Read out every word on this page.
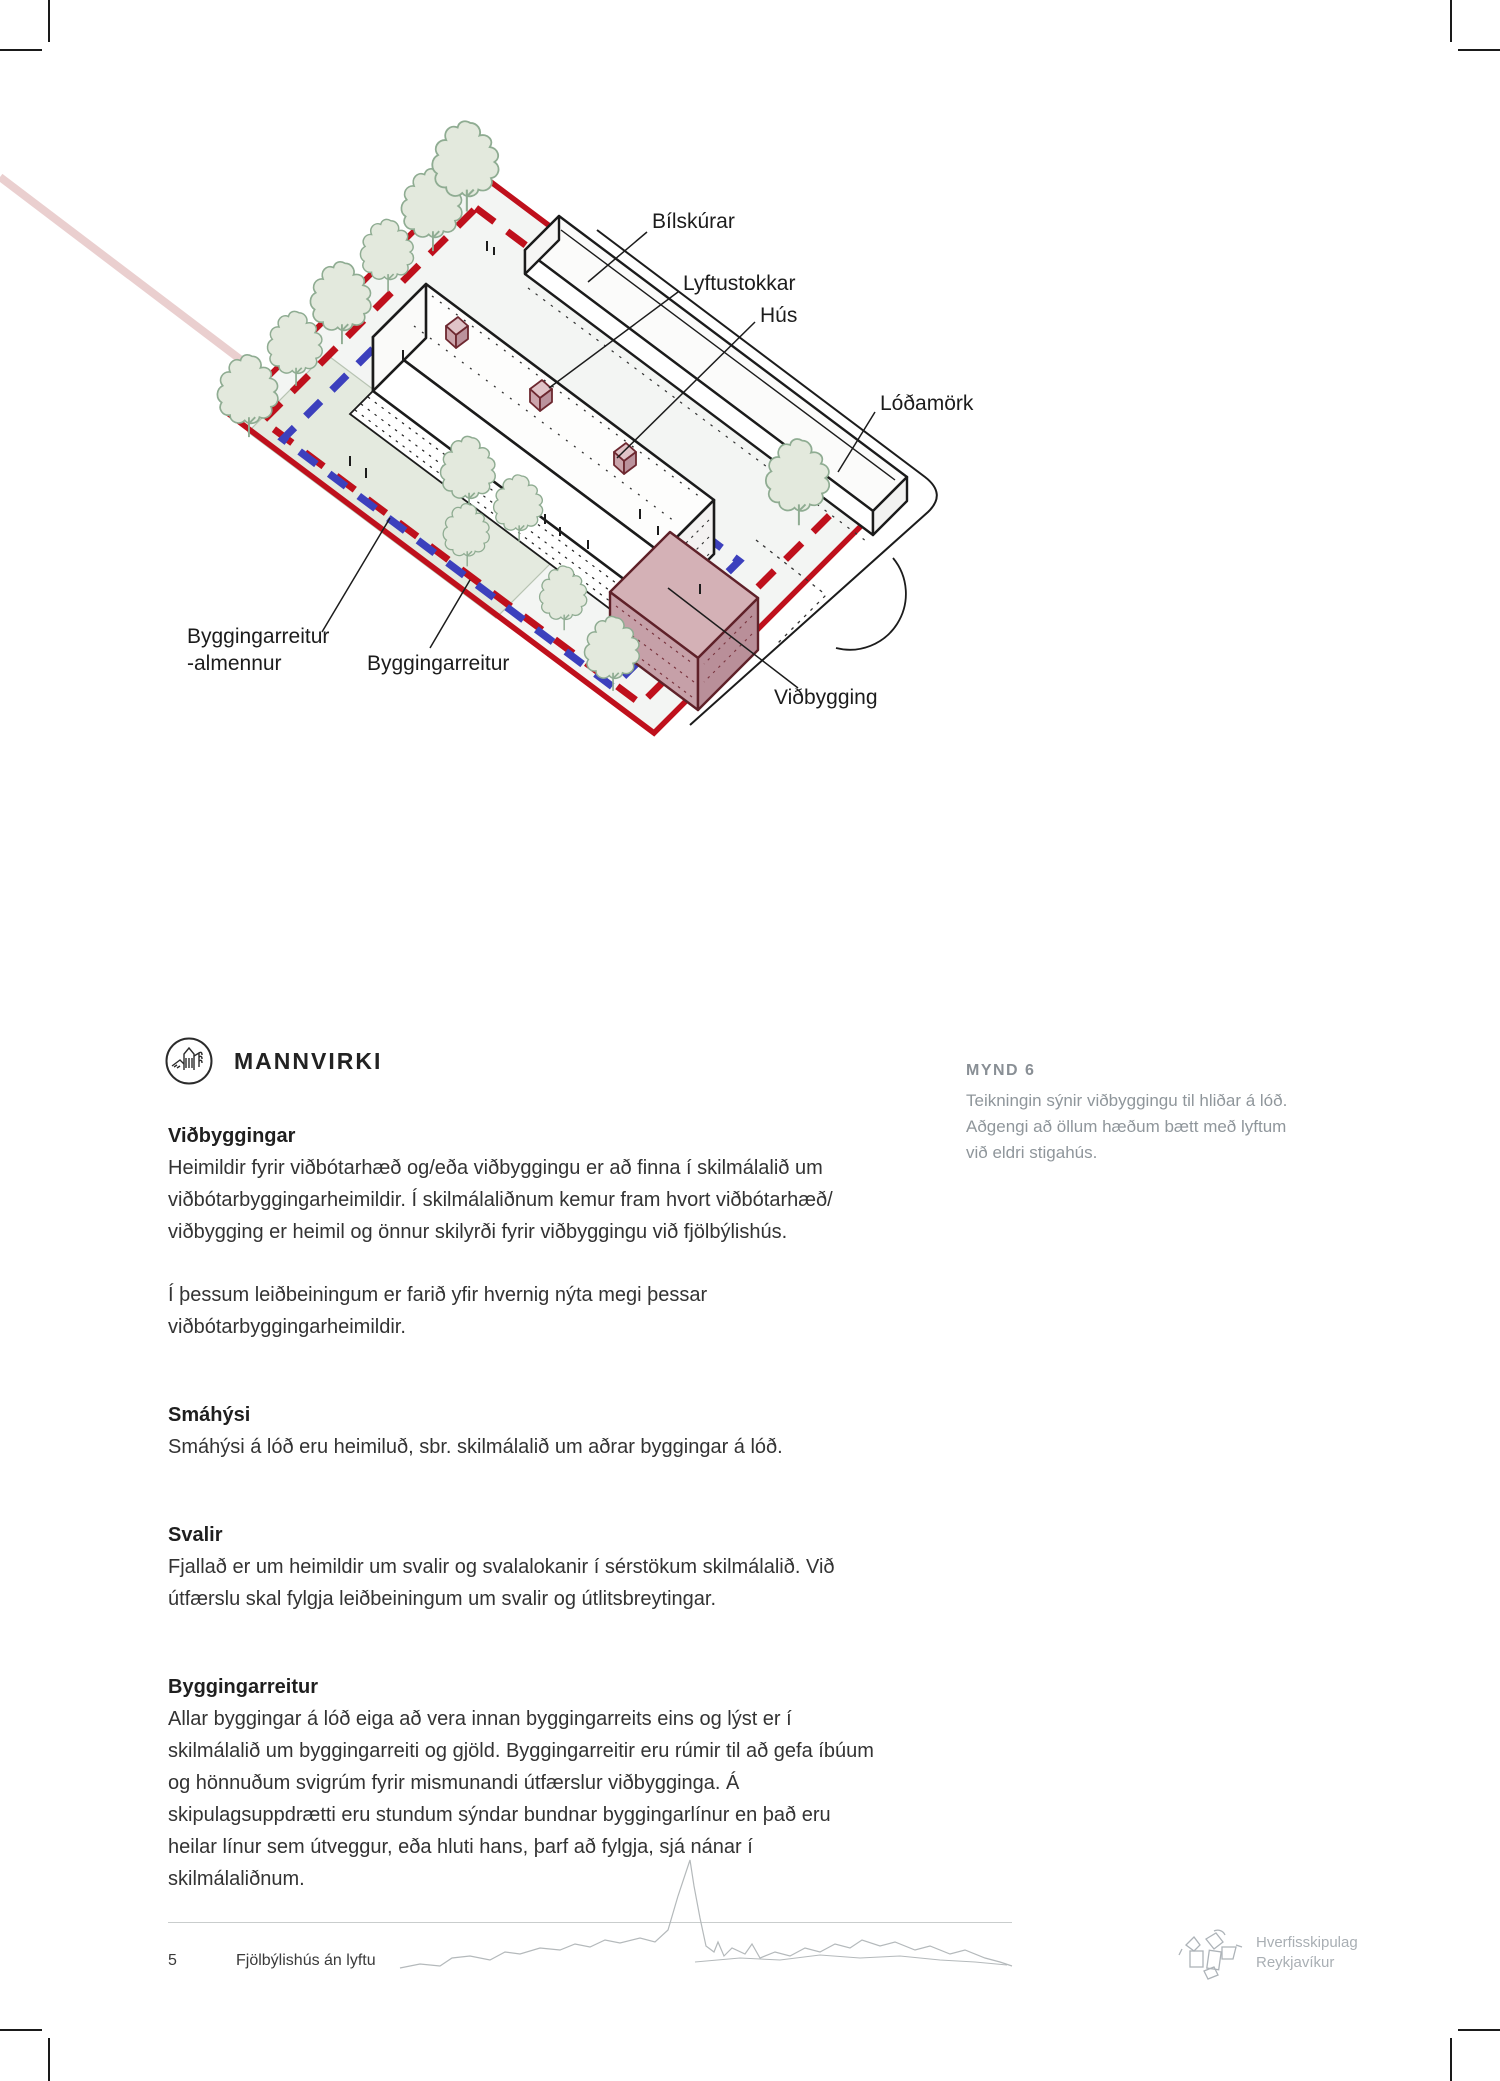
Bílskúrar
Lyftustokkar
Hús
Lóðamörk
Byggingarreitur
-almennur	Byggingarreitur
Viðbygging
MANNVIRKI
Viðbyggingar

Heimildir fyrir viðbótarhæð og/eða viðbyggingu er að finna í skilmálalið um viðbótarbyggingarheimildir. Í skilmálaliðnum kemur fram hvort viðbótarhæð/ viðbygging er heimil og önnur skilyrði fyrir viðbyggingu við fjölbýlishús.

Í þessum leiðbeiningum er farið yfir hvernig nýta megi þessar viðbótarbyggingarheimildir.

Smáhýsi

Smáhýsi á lóð eru heimiluð, sbr. skilmálalið um aðrar byggingar á lóð.

Svalir

Fjallað er um heimildir um svalir og svalalokanir í sérstökum skilmálalið. Við útfærslu skal fylgja leiðbeiningum um svalir og útlitsbreytingar.

Byggingarreitur

Allar byggingar á lóð eiga að vera innan byggingarreits eins og lýst er í skilmálalið um byggingarreiti og gjöld. Byggingarreitir eru rúmir til að gefa íbúum og hönnuðum svigrúm fyrir mismunandi útfærslur viðbygginga. Á skipulagsuppdrætti eru stundum sýndar bundnar byggingarlínur en það eru heilar línur sem útveggur, eða hluti hans, þarf að fylgja, sjá nánar í skilmálaliðnum.

MYND 6
Teikningin sýnir viðbyggingu til hliðar á lóð. Aðgengi að öllum hæðum bætt með lyftum við eldri stigahús.
5	Fjölbýlishús án lyftu
Hverfisskipulag
Reykjavíkur
